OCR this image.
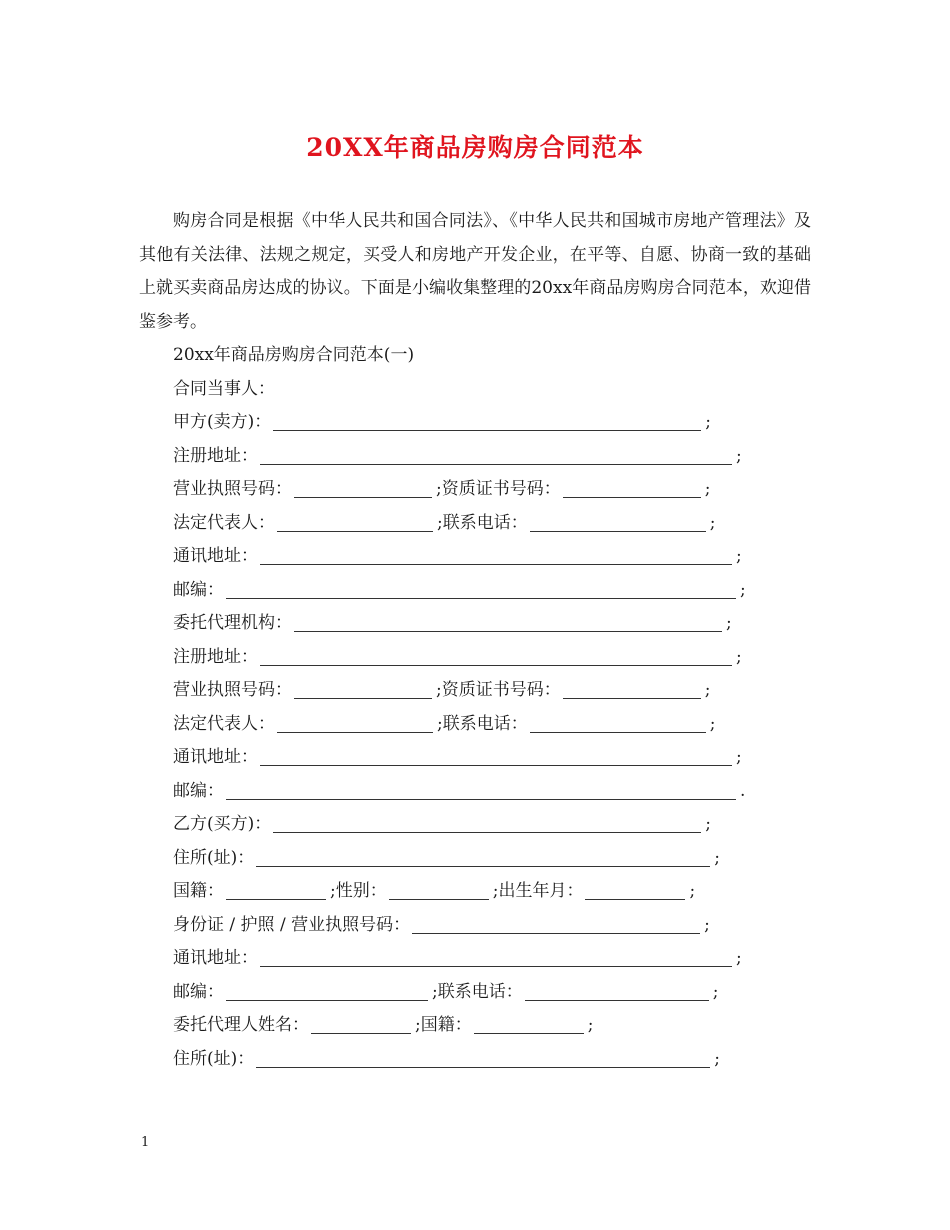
20XX年商品房购房合同范本

购房合同是根据《中华人民共和国合同法》、《中华人民共和国城市房地产管理法》及其他有关法律、法规之规定，买受人和房地产开发企业，在平等、自愿、协商一致的基础上就买卖商品房达成的协议。下面是小编收集整理的20xx年商品房购房合同范本，欢迎借鉴参考。

20xx年商品房购房合同范本(一)
合同当事人：
甲方(卖方)：	;
注册地址：	;
营业执照号码：	;资质证书号码：	;
法定代表人：	;联系电话：	;
通讯地址：	;
邮编：	;
委托代理机构：	;
注册地址：	;
营业执照号码：	;资质证书号码：	;
法定代表人：	;联系电话：	;
通讯地址：	;
邮编：	.
乙方(买方)：	;
住所(址)：	;
国籍：	;性别：	;出生年月：	;
身份证 / 护照 / 营业执照号码：	;
通讯地址：	;
邮编：	;联系电话：	;
委托代理人姓名：	;国籍：	;
住所(址)：	;
1
